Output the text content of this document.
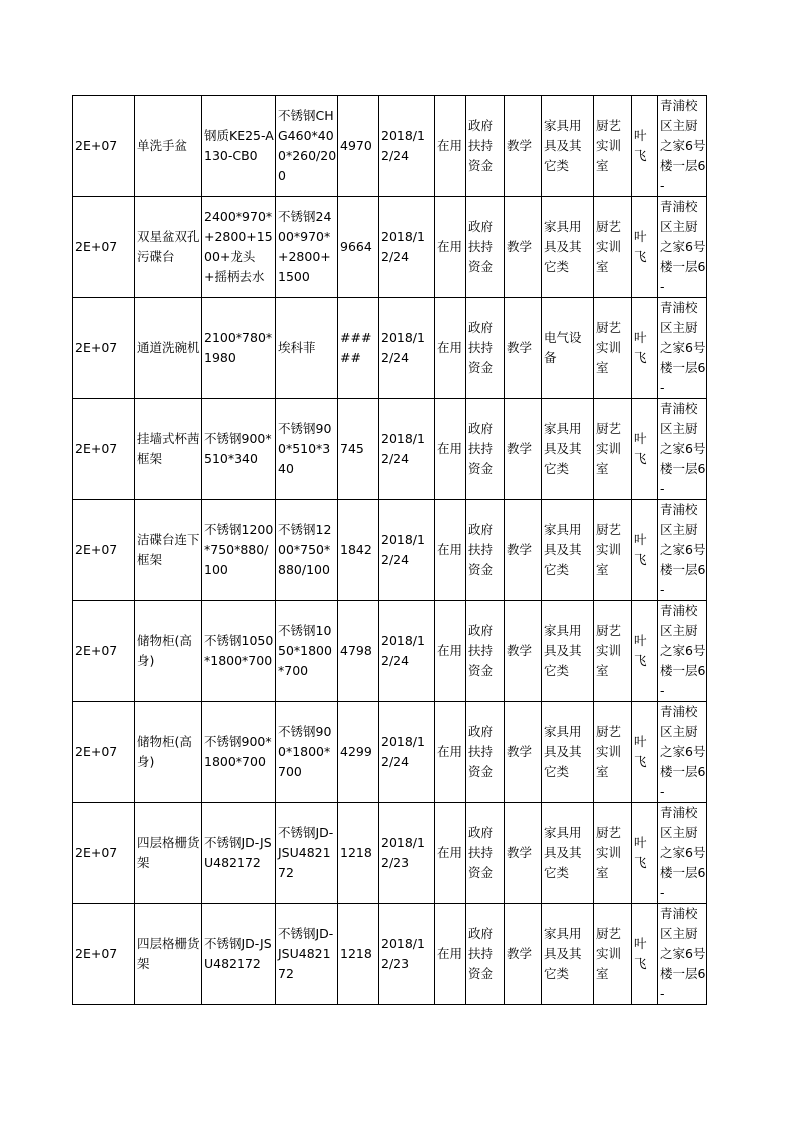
2E+07	单洗手盆	钢质KE25-A130-CB0	不锈钢CHG460*400*260/200	4970	2018/12/24	在用	政府扶持资金	教学	家具用具及其它类	厨艺实训室	叶飞	青浦校区主厨之家6号楼一层6-
2E+07	双星盆双孔污碟台	2400*970*+2800+1500+龙头+摇柄去水	不锈钢2400*970*+2800+1500	9664	2018/12/24	在用	政府扶持资金	教学	家具用具及其它类	厨艺实训室	叶飞	青浦校区主厨之家6号楼一层6-
2E+07	通道洗碗机	2100*780*1980	埃科菲	#####	2018/12/24	在用	政府扶持资金	教学	电气设备	厨艺实训室	叶飞	青浦校区主厨之家6号楼一层6-
2E+07	挂墙式杯茜框架	不锈钢900*510*340	不锈钢900*510*340	745	2018/12/24	在用	政府扶持资金	教学	家具用具及其它类	厨艺实训室	叶飞	青浦校区主厨之家6号楼一层6-
2E+07	洁碟台连下框架	不锈钢1200*750*880/100	不锈钢1200*750*880/100	1842	2018/12/24	在用	政府扶持资金	教学	家具用具及其它类	厨艺实训室	叶飞	青浦校区主厨之家6号楼一层6-
2E+07	储物柜(高身)	不锈钢1050*1800*700	不锈钢1050*1800*700	4798	2018/12/24	在用	政府扶持资金	教学	家具用具及其它类	厨艺实训室	叶飞	青浦校区主厨之家6号楼一层6-
2E+07	储物柜(高身)	不锈钢900*1800*700	不锈钢900*1800*700	4299	2018/12/24	在用	政府扶持资金	教学	家具用具及其它类	厨艺实训室	叶飞	青浦校区主厨之家6号楼一层6-
2E+07	四层格栅货架	不锈钢JD-JSU482172	不锈钢JD-JSU482172	1218	2018/12/23	在用	政府扶持资金	教学	家具用具及其它类	厨艺实训室	叶飞	青浦校区主厨之家6号楼一层6-
2E+07	四层格栅货架	不锈钢JD-JSU482172	不锈钢JD-JSU482172	1218	2018/12/23	在用	政府扶持资金	教学	家具用具及其它类	厨艺实训室	叶飞	青浦校区主厨之家6号楼一层6-
